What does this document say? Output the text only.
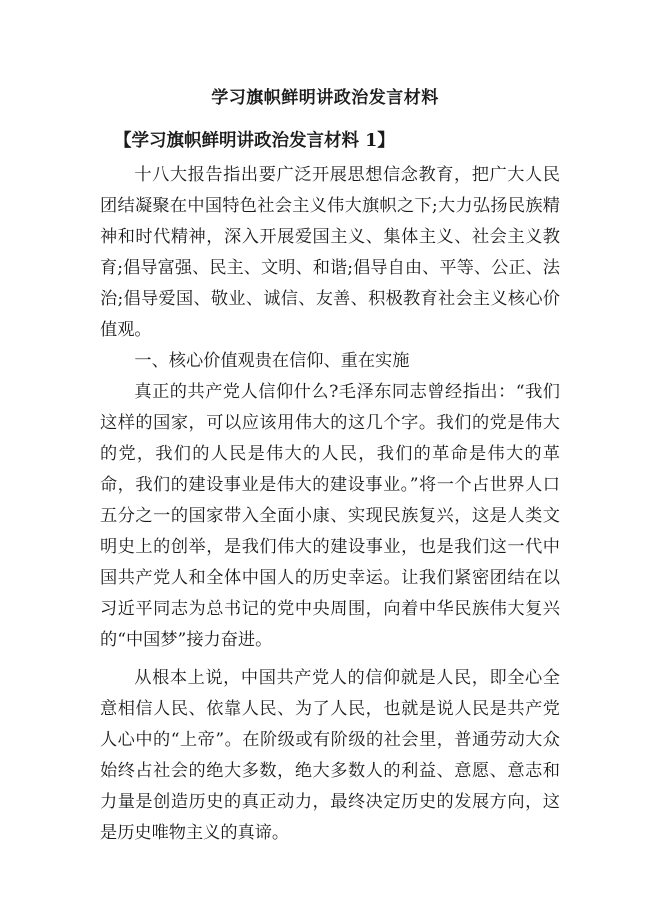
学习旗帜鲜明讲政治发言材料
【学习旗帜鲜明讲政治发言材料 1】

十八大报告指出要广泛开展思想信念教育，把广大人民团结凝聚在中国特色社会主义伟大旗帜之下;大力弘扬民族精神和时代精神，深入开展爱国主义、集体主义、社会主义教育;倡导富强、民主、文明、和谐;倡导自由、平等、公正、法治;倡导爱国、敬业、诚信、友善、积极教育社会主义核心价值观。

一、核心价值观贵在信仰、重在实施

真正的共产党人信仰什么?毛泽东同志曾经指出：“我们这样的国家，可以应该用伟大的这几个字。我们的党是伟大的党，我们的人民是伟大的人民，我们的革命是伟大的革命，我们的建设事业是伟大的建设事业。”将一个占世界人口五分之一的国家带入全面小康、实现民族复兴，这是人类文明史上的创举，是我们伟大的建设事业，也是我们这一代中国共产党人和全体中国人的历史幸运。让我们紧密团结在以习近平同志为总书记的党中央周围，向着中华民族伟大复兴的“中国梦”接力奋进。

从根本上说，中国共产党人的信仰就是人民，即全心全意相信人民、依靠人民、为了人民，也就是说人民是共产党人心中的“上帝”。在阶级或有阶级的社会里，普通劳动大众始终占社会的绝大多数，绝大多数人的利益、意愿、意志和力量是创造历史的真正动力，最终决定历史的发展方向，这是历史唯物主义的真谛。
